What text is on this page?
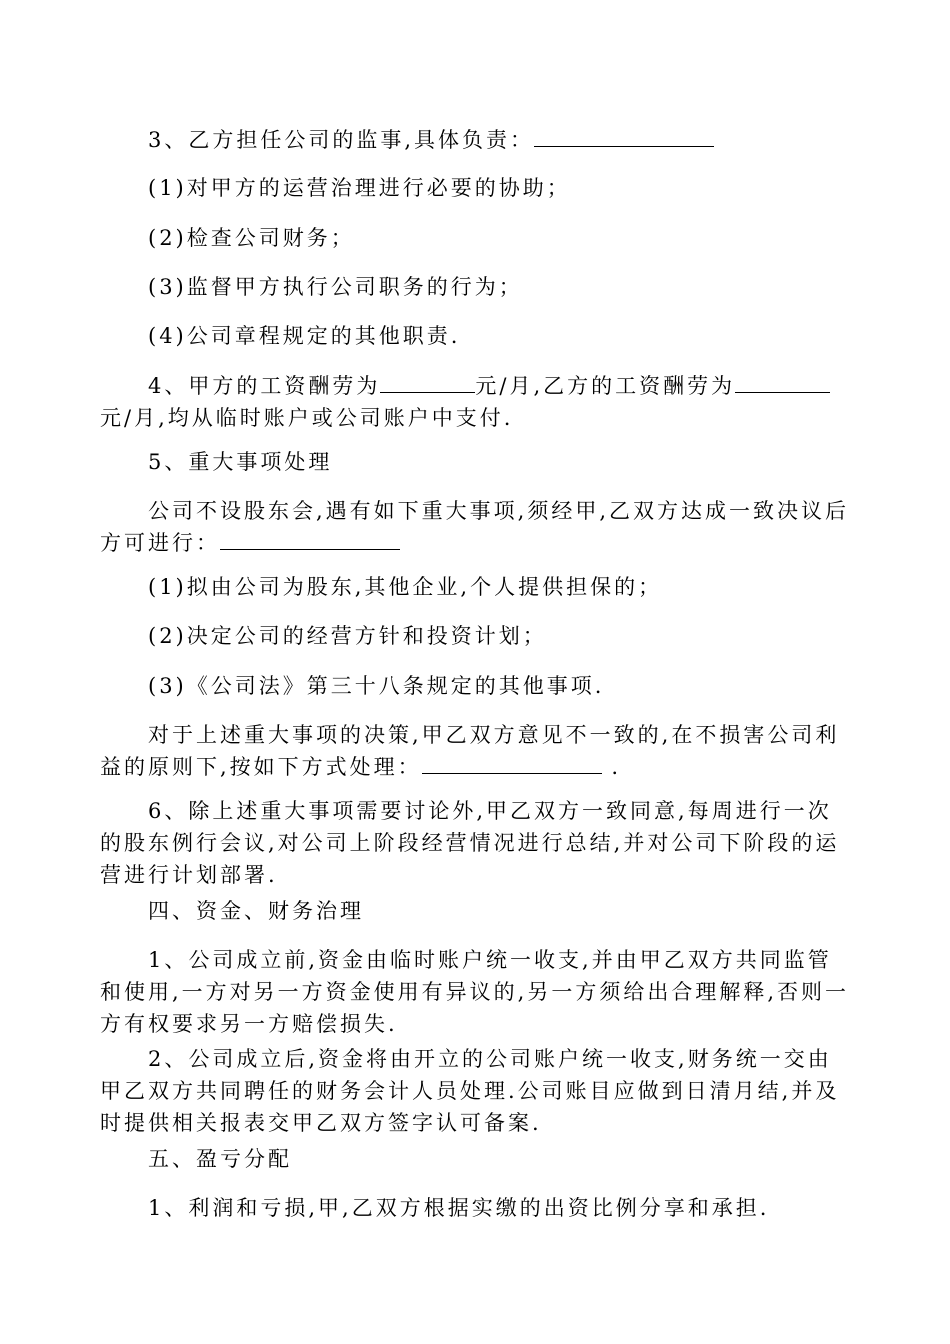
3、乙方担任公司的监事,具体负责：

(1)对甲方的运营治理进行必要的协助；

(2)检查公司财务；

(3)监督甲方执行公司职务的行为；

(4)公司章程规定的其他职责.

4、甲方的工资酬劳为	元/月,乙方的工资酬劳为元/月,均从临时账户或公司账户中支付.

5、重大事项处理

公司不设股东会,遇有如下重大事项,须经甲,乙双方达成一致决议后方可进行：

(1)拟由公司为股东,其他企业,个人提供担保的；

(2)决定公司的经营方针和投资计划；

(3)《公司法》第三十八条规定的其他事项.

对于上述重大事项的决策,甲乙双方意见不一致的,在不损害公司利益的原则下,按如下方式处理：	.

6、除上述重大事项需要讨论外,甲乙双方一致同意,每周进行一次的股东例行会议,对公司上阶段经营情况进行总结,并对公司下阶段的运营进行计划部署.

四、资金、财务治理

1、公司成立前,资金由临时账户统一收支,并由甲乙双方共同监管和使用,一方对另一方资金使用有异议的,另一方须给出合理解释,否则一方有权要求另一方赔偿损失.

2、公司成立后,资金将由开立的公司账户统一收支,财务统一交由甲乙双方共同聘任的财务会计人员处理.公司账目应做到日清月结,并及时提供相关报表交甲乙双方签字认可备案.

五、盈亏分配

1、利润和亏损,甲,乙双方根据实缴的出资比例分享和承担.
